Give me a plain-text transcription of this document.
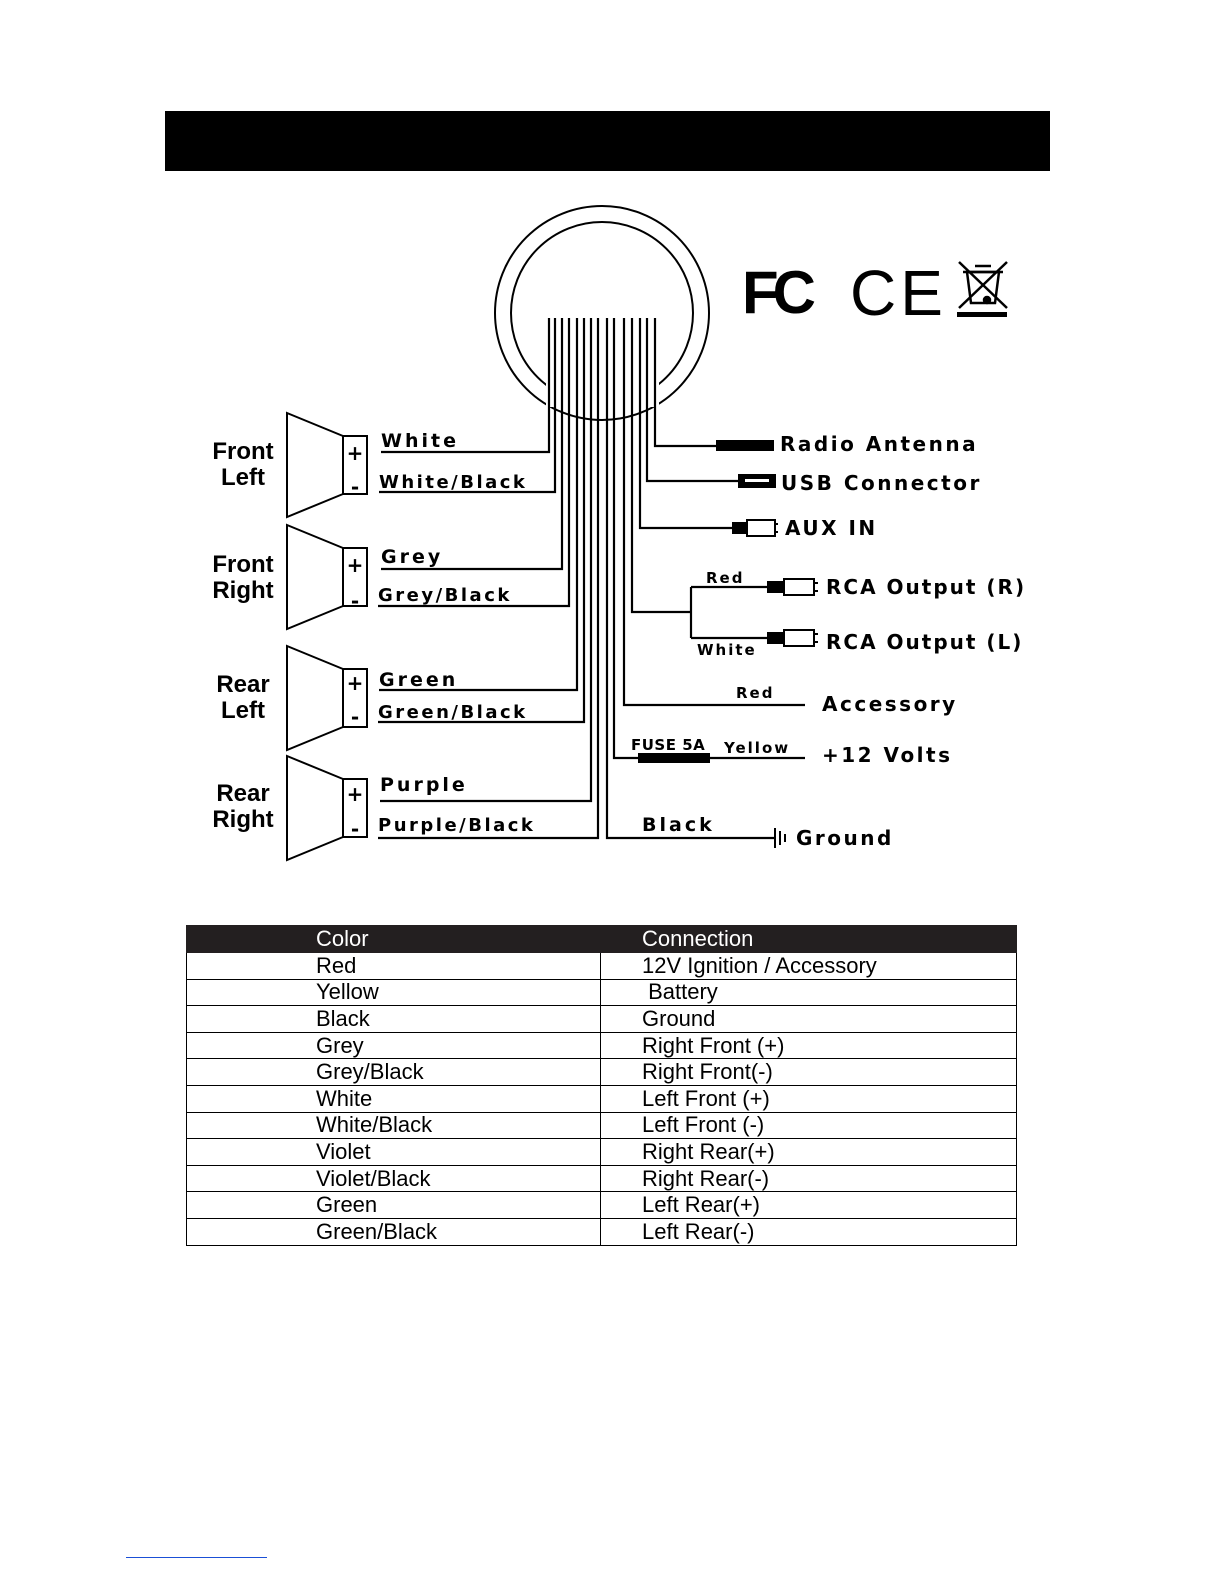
+
-
+
-
+
-
+
-
Front
Left
Front
Right
Rear
Left
Rear
Right
White
White/Black
Grey
Grey/Black
Green
Green/Black
Purple
Purple/Black
Radio Antenna
USB Connector
AUX IN
Red	RCA Output (R)
White	RCA Output (L)
Red Accessory
FUSE 5A Yellow +12 Volts
Black
Ground
FC CE
Color	Connection
Red	12V Ignition / Accessory
Yellow	Battery
Black	Ground
Grey	Right Front (+)
Grey/Black	Right Front(-)
White	Left Front (+)
White/Black	Left Front (-)
Violet	Right Rear(+)
Violet/Black	Right Rear(-)
Green	Left Rear(+)
Green/Black	Left Rear(-)
